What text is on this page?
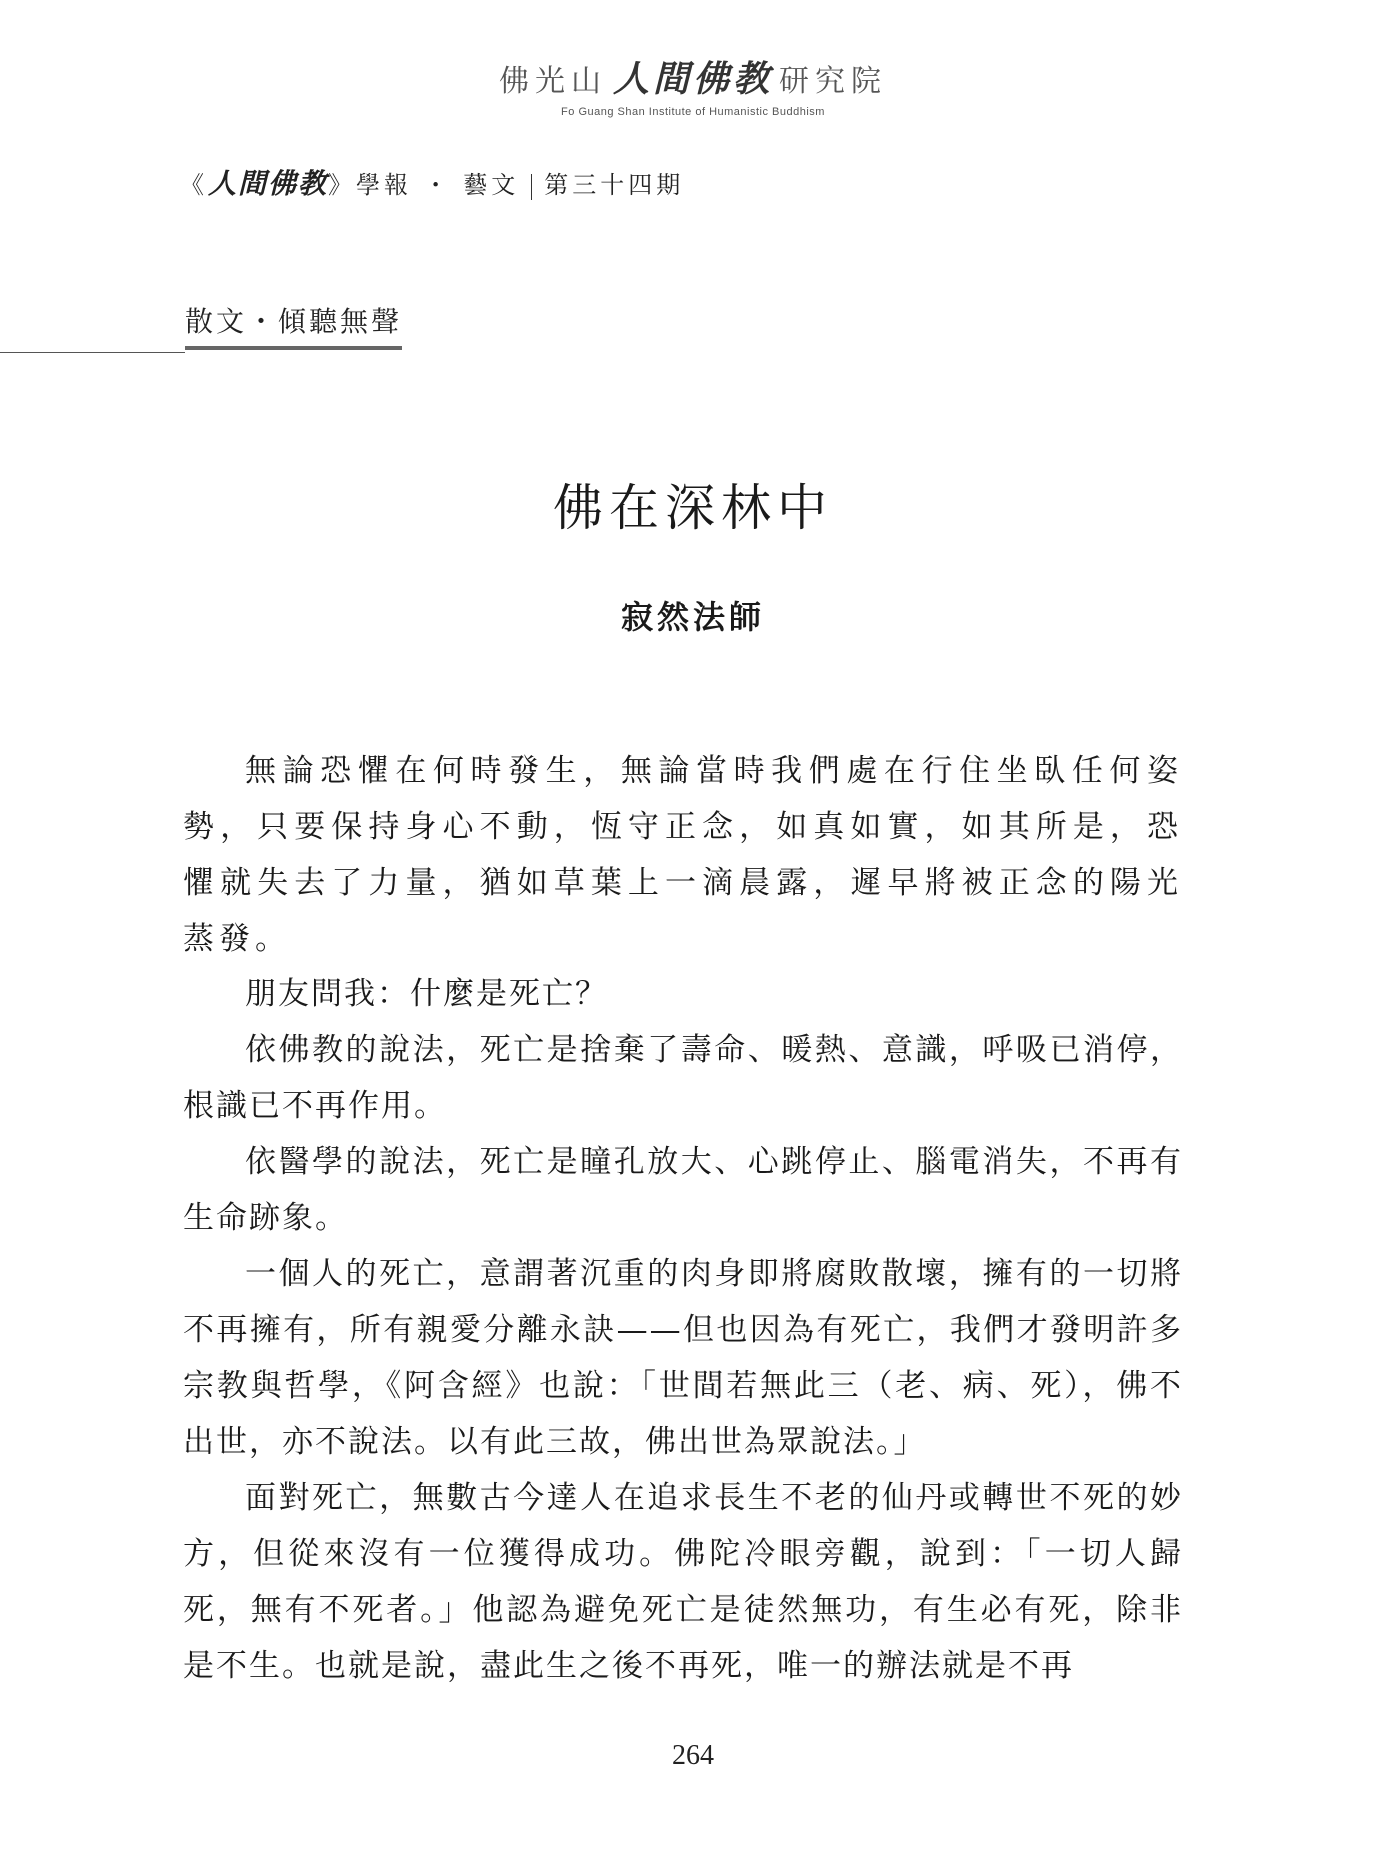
佛光山 人間佛教 研究院
Fo Guang Shan Institute of Humanistic Buddhism
《人間佛教》學報 ・ 藝文 第三十四期
散文・傾聽無聲
佛在深林中
寂然法師

無論恐懼在何時發生，無論當時我們處在行住坐臥任何姿勢，只要保持身心不動，恆守正念，如真如實，如其所是，恐懼就失去了力量，猶如草葉上一滴晨露，遲早將被正念的陽光蒸發。

朋友問我：什麼是死亡？

依佛教的說法，死亡是捨棄了壽命、暖熱、意識，呼吸已消停，根識已不再作用。

依醫學的說法，死亡是瞳孔放大、心跳停止、腦電消失，不再有生命跡象。

一個人的死亡，意謂著沉重的肉身即將腐敗散壞，擁有的一切將不再擁有，所有親愛分離永訣——但也因為有死亡，我們才發明許多宗教與哲學，《阿含經》也說：「世間若無此三（老、病、死），佛不出世，亦不說法。以有此三故，佛出世為眾說法。」

面對死亡，無數古今達人在追求長生不老的仙丹或轉世不死的妙方，但從來沒有一位獲得成功。佛陀冷眼旁觀，說到：「一切人歸死，無有不死者。」他認為避免死亡是徒然無功，有生必有死，除非是不生。也就是說，盡此生之後不再死，唯一的辦法就是不再

264
